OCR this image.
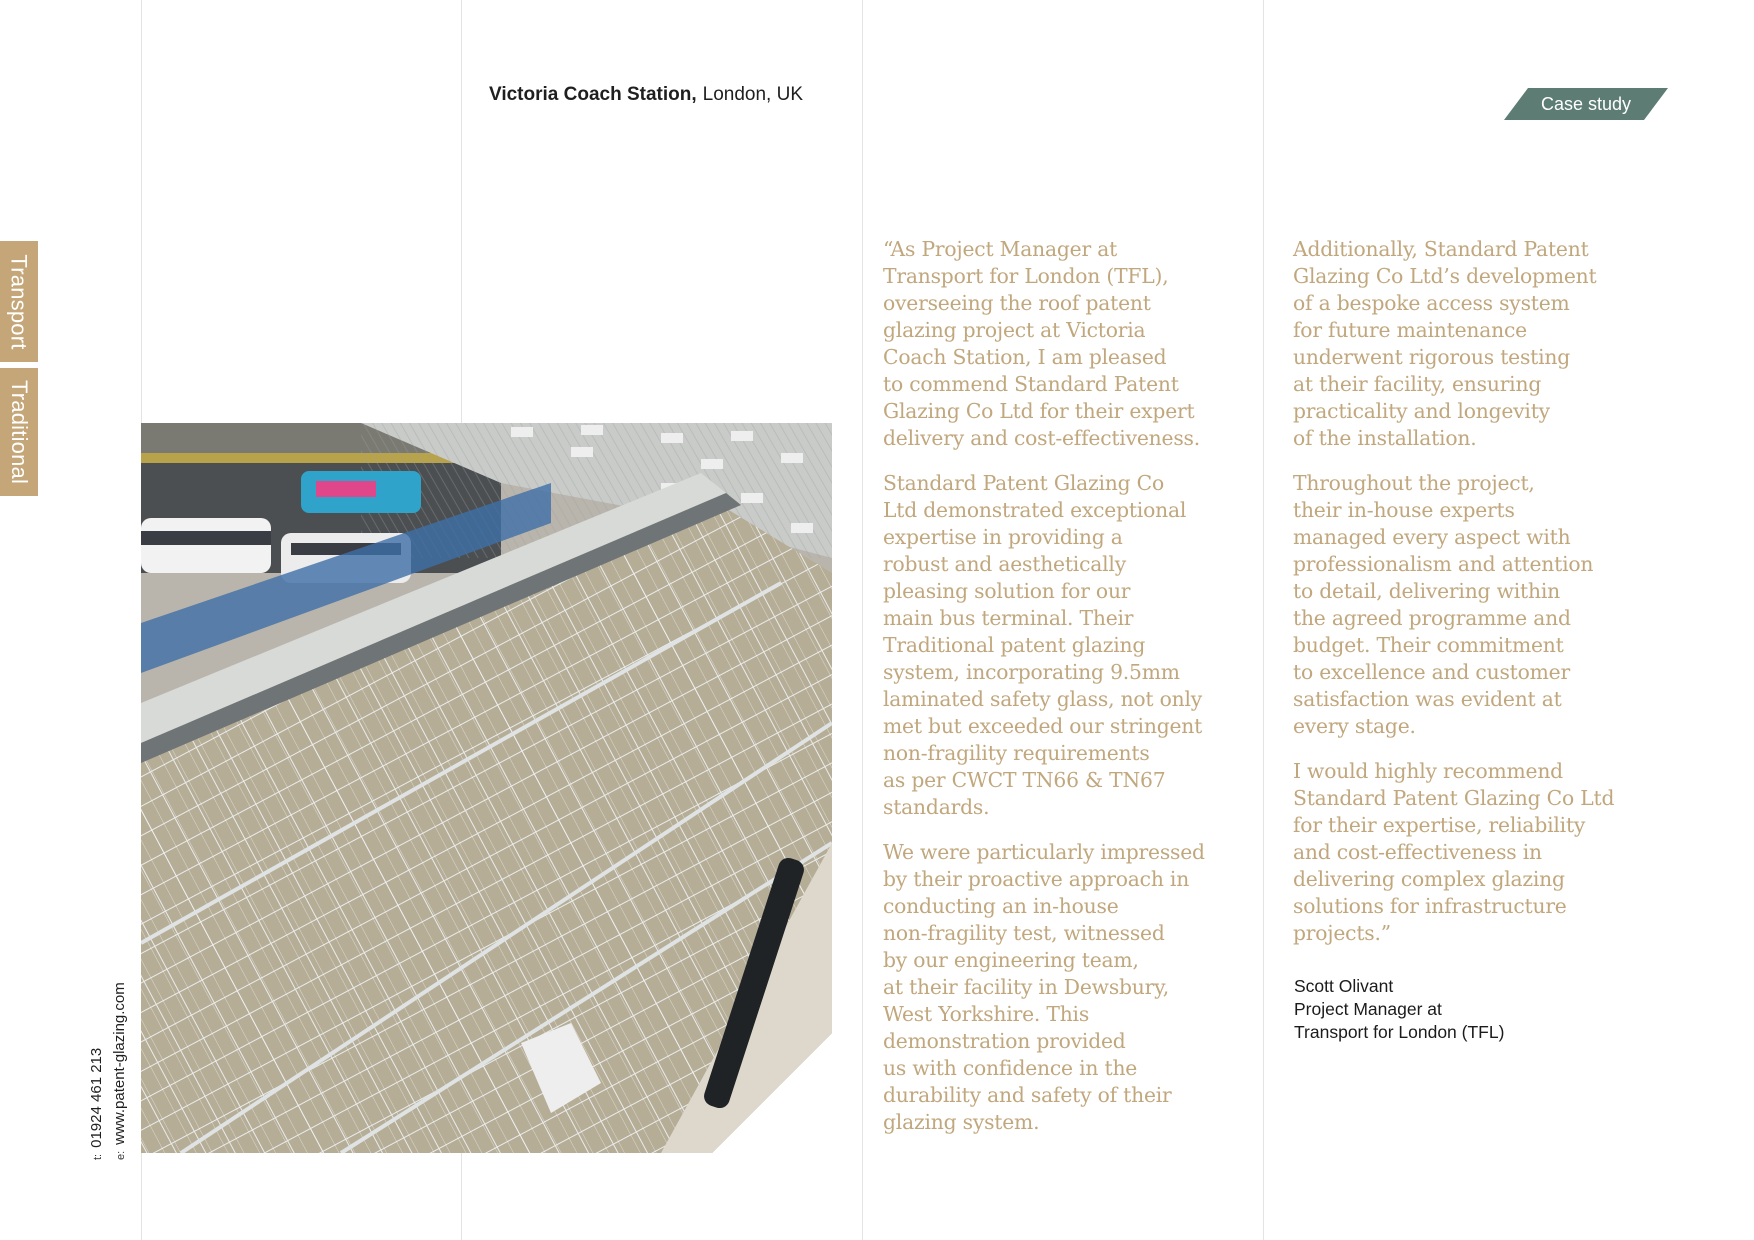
Transport
Traditional
t:01924 461 213
e:www.patent-glazing.com
Victoria Coach Station, London, UK	Case study

“As Project Manager at
Transport for London (TFL),
overseeing the roof patent
glazing project at Victoria
Coach Station, I am pleased
to commend Standard Patent
Glazing Co Ltd for their expert
delivery and cost-effectiveness.

Standard Patent Glazing Co
Ltd demonstrated exceptional
expertise in providing a
robust and aesthetically
pleasing solution for our
main bus terminal. Their
Traditional patent glazing
system, incorporating 9.5mm
laminated safety glass, not only
met but exceeded our stringent
non-fragility requirements
as per CWCT TN66 & TN67
standards.

We were particularly impressed
by their proactive approach in
conducting an in-house
non-fragility test, witnessed
by our engineering team,
at their facility in Dewsbury,
West Yorkshire. This
demonstration provided
us with confidence in the
durability and safety of their
glazing system.

Additionally, Standard Patent
Glazing Co Ltd’s development
of a bespoke access system
for future maintenance
underwent rigorous testing
at their facility, ensuring
practicality and longevity
of the installation.

Throughout the project,
their in-house experts
managed every aspect with
professionalism and attention
to detail, delivering within
the agreed programme and
budget. Their commitment
to excellence and customer
satisfaction was evident at
every stage.

I would highly recommend
Standard Patent Glazing Co Ltd
for their expertise, reliability
and cost-effectiveness in
delivering complex glazing
solutions for infrastructure
projects.”

Scott Olivant
Project Manager at
Transport for London (TFL)
